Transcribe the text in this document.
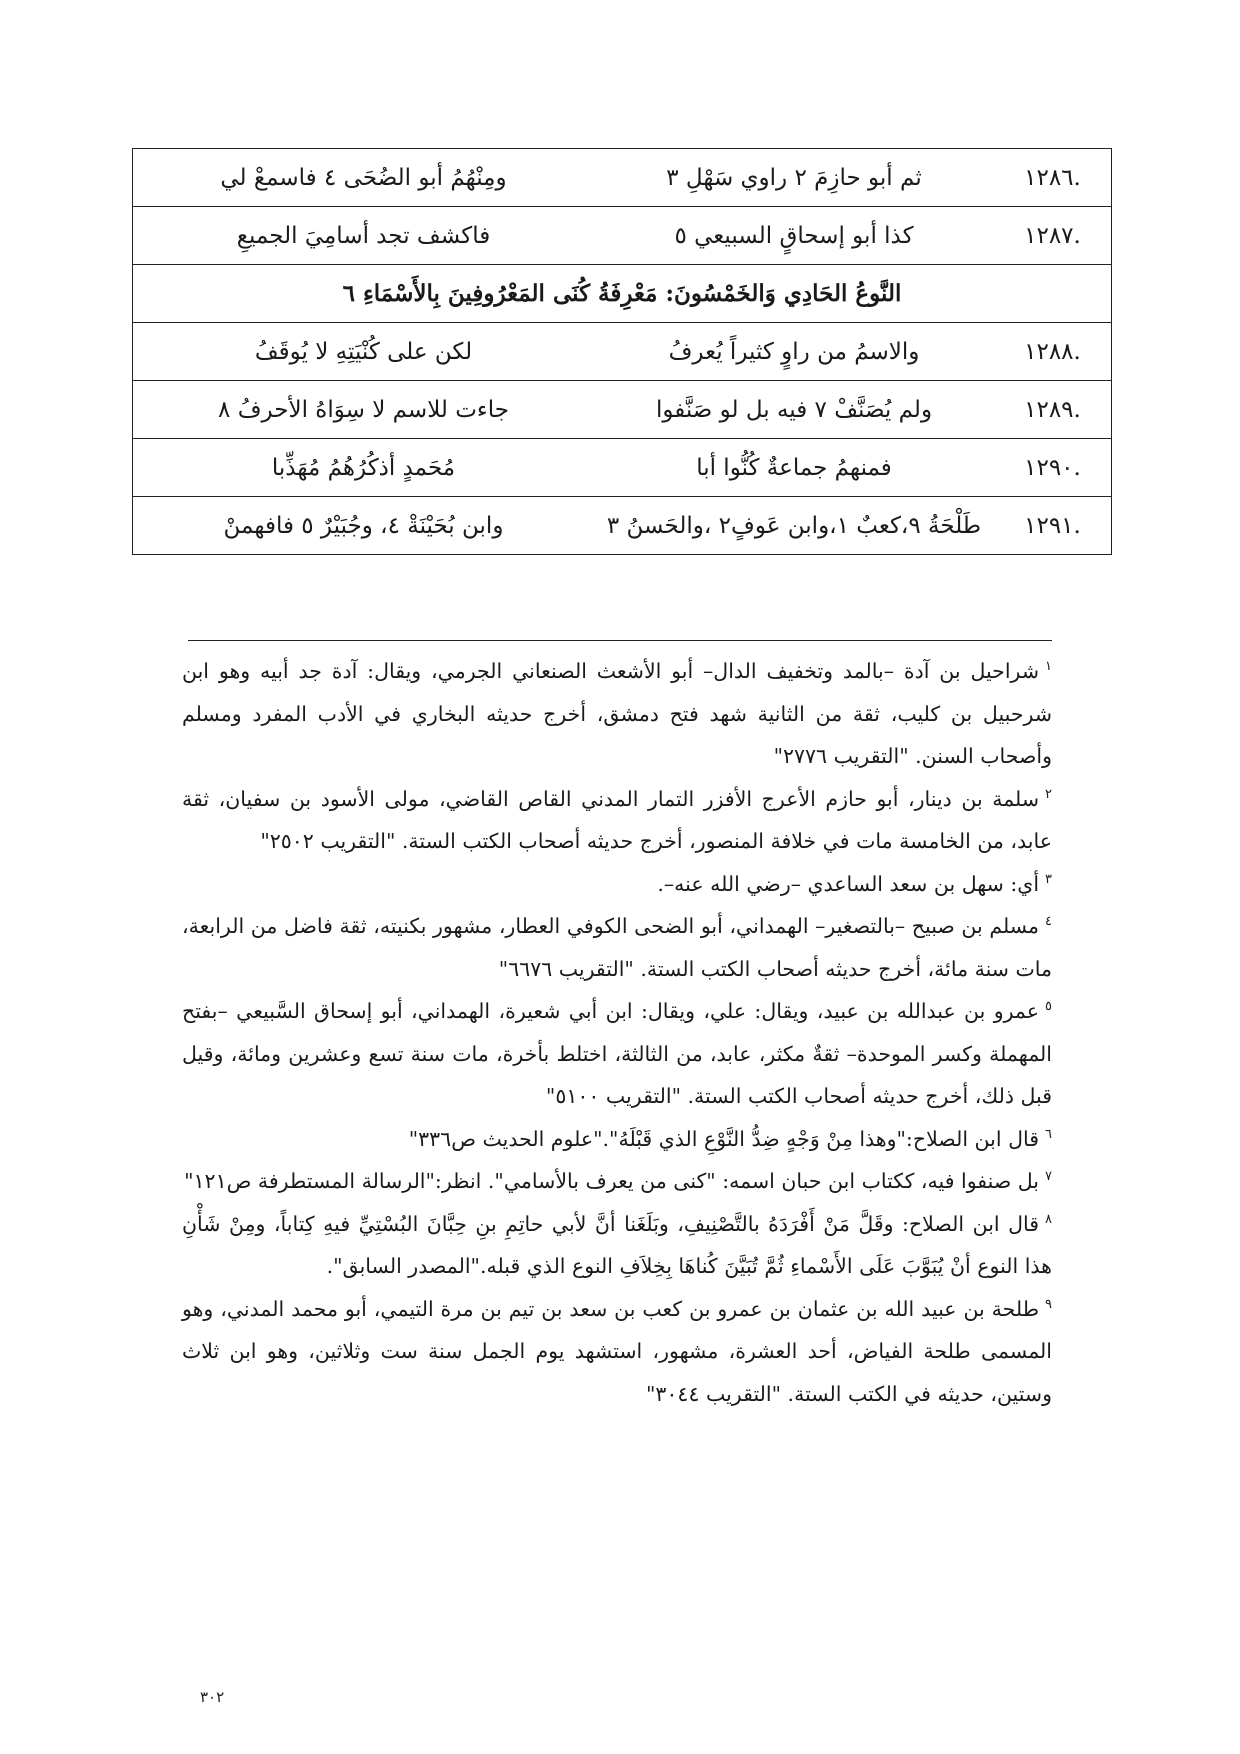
.١٢٨٦	ثم أبو حازِمَ ٢ راوي سَهْلِ ٣	ومِنْهُمُ أبو الضُحَى ٤ فاسمعْ لي
.١٢٨٧	كذا أبو إسحاقٍ السبيعي ٥	فاكشف تجد أسامِيَ الجميعِ
النَّوعُ الحَادِي وَالخَمْسُونَ: مَعْرِفَةُ كُنَى المَعْرُوفِينَ بِالأَسْمَاءِ ٦		
.١٢٨٨	والاسمُ من راوٍ كثيراً يُعرفُ	لكن على كُنْيَتِهِ لا يُوقَفُ
.١٢٨٩	ولم يُصَنَّفْ ٧ فيه بل لو صَنَّفوا	جاءت للاسم لا سِوَاهُ الأحرفُ ٨
.١٢٩٠	فمنهمُ جماعةٌ كُنُّوا أبا	مُحَمدٍ أذكُرُهُمُ مُهَذِّبا
.١٢٩١	طَلْحَةُ ٩،كعبٌ ١،وابن عَوفٍ٢ ،والحَسنُ ٣	وابن بُحَيْنَةْ ٤، وجُبَيْرٌ ٥ فافهمنْ

$^١$شراحيل بن آدة –بالمد وتخفيف الدال– أبو الأشعث الصنعاني الجرمي، ويقال: آدة جد أبيه وهو ابن شرحبيل بن كليب، ثقة من الثانية شهد فتح دمشق، أخرج حديثه البخاري في الأدب المفرد ومسلم وأصحاب السنن. "التقريب ٢٧٧٦"

$^٢$سلمة بن دينار، أبو حازم الأعرج الأفزر التمار المدني القاص القاضي، مولى الأسود بن سفيان، ثقة عابد، من الخامسة مات في خلافة المنصور، أخرج حديثه أصحاب الكتب الستة. "التقريب ٢٥٠٢"

$^٣$أي: سهل بن سعد الساعدي –رضي الله عنه–.

$^٤$مسلم بن صبيح –بالتصغير– الهمداني، أبو الضحى الكوفي العطار، مشهور بكنيته، ثقة فاضل من الرابعة، مات سنة مائة، أخرج حديثه أصحاب الكتب الستة. "التقريب ٦٦٧٦"

$^٥$عمرو بن عبدالله بن عبيد، ويقال: علي، ويقال: ابن أبي شعيرة، الهمداني، أبو إسحاق السَّبيعي –بفتح المهملة وكسر الموحدة– ثقةٌ مكثر، عابد، من الثالثة، اختلط بأخرة، مات سنة تسع وعشرين ومائة، وقيل قبل ذلك، أخرج حديثه أصحاب الكتب الستة. "التقريب ٥١٠٠"

$^٦$قال ابن الصلاح:"وهذا مِنْ وَجْهٍ ضِدُّ النَّوْعِ الذي قَبْلَهُ"."علوم الحديث ص٣٣٦"

$^٧$بل صنفوا فيه، ككتاب ابن حبان اسمه: "كنى من يعرف بالأسامي". انظر:"الرسالة المستطرفة ص١٢١"

$^٨$قال ابن الصلاح: وقَلَّ مَنْ أَفْرَدَهُ بالتَّصْنِيفِ، وبَلَغَنا أنَّ لأبي حاتِمِ بنِ حِبَّانَ البُسْتِيِّ فيهِ كِتاباً، ومِنْ شَأْنِ هذا النوع أنْ يُبَوَّبَ عَلَى الأَسْماءِ ثُمَّ تُبَيَّنَ كُناهَا بِخِلاَفِ النوع الذي قبله."المصدر السابق".

$^٩$طلحة بن عبيد الله بن عثمان بن عمرو بن كعب بن سعد بن تيم بن مرة التيمي، أبو محمد المدني، وهو المسمى طلحة الفياض، أحد العشرة، مشهور، استشهد يوم الجمل سنة ست وثلاثين، وهو ابن ثلاث وستين، حديثه في الكتب الستة. "التقريب ٣٠٤٤"

٣٠٢
